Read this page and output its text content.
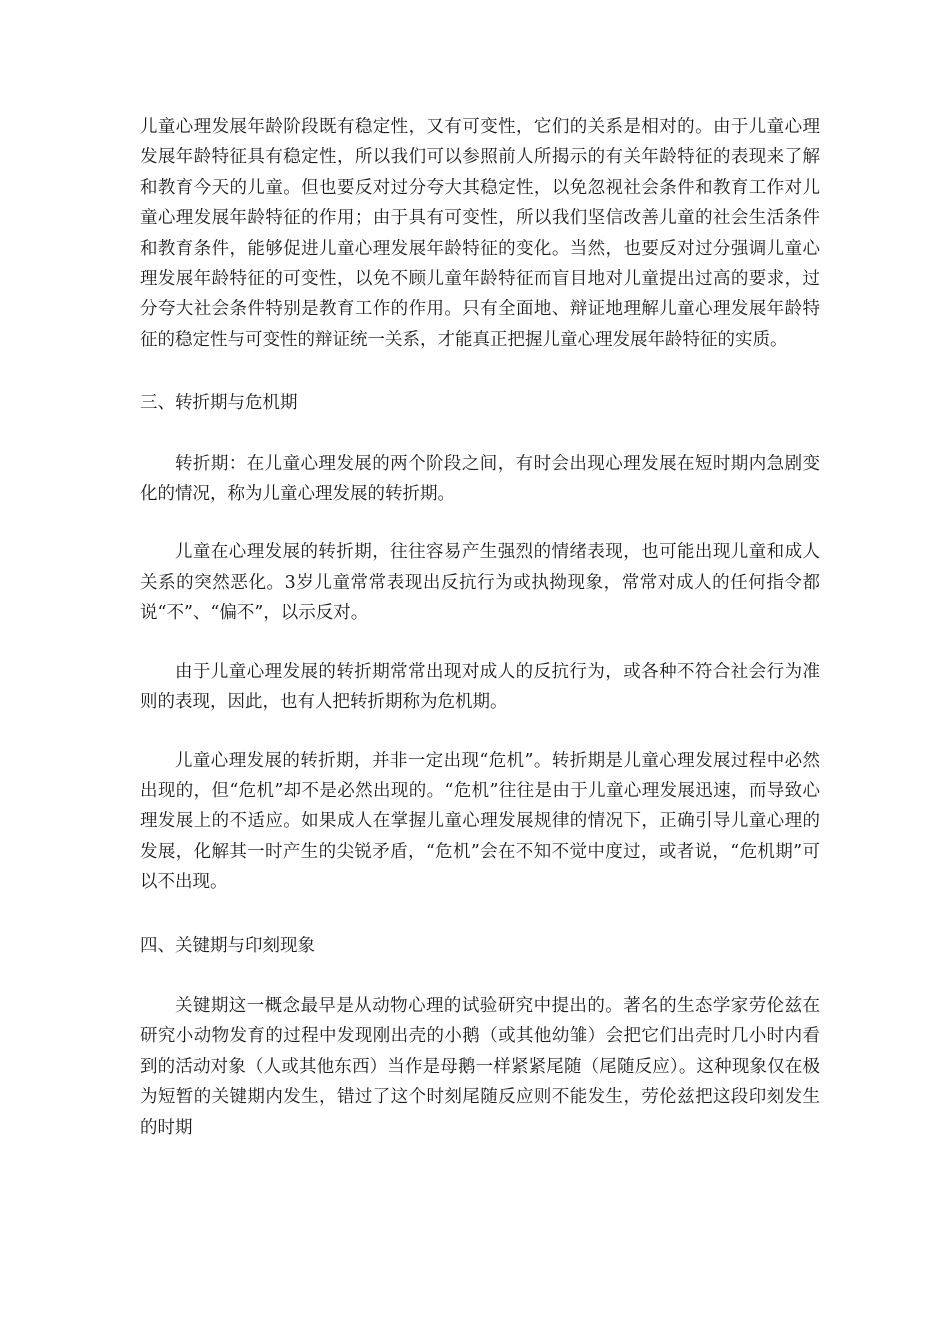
儿童心理发展年龄阶段既有稳定性，又有可变性，它们的关系是相对的。由于儿童心理发展年龄特征具有稳定性，所以我们可以参照前人所揭示的有关年龄特征的表现来了解和教育今天的儿童。但也要反对过分夸大其稳定性，以免忽视社会条件和教育工作对儿童心理发展年龄特征的作用；由于具有可变性，所以我们坚信改善儿童的社会生活条件和教育条件，能够促进儿童心理发展年龄特征的变化。当然，也要反对过分强调儿童心理发展年龄特征的可变性，以免不顾儿童年龄特征而盲目地对儿童提出过高的要求，过分夸大社会条件特别是教育工作的作用。只有全面地、辩证地理解儿童心理发展年龄特征的稳定性与可变性的辩证统一关系，才能真正把握儿童心理发展年龄特征的实质。

三、转折期与危机期

转折期：在儿童心理发展的两个阶段之间，有时会出现心理发展在短时期内急剧变化的情况，称为儿童心理发展的转折期。

儿童在心理发展的转折期，往往容易产生强烈的情绪表现，也可能出现儿童和成人关系的突然恶化。3岁儿童常常表现出反抗行为或执拗现象，常常对成人的任何指令都说“不”、“偏不”，以示反对。

由于儿童心理发展的转折期常常出现对成人的反抗行为，或各种不符合社会行为准则的表现，因此，也有人把转折期称为危机期。

儿童心理发展的转折期，并非一定出现“危机”。转折期是儿童心理发展过程中必然出现的，但“危机”却不是必然出现的。“危机”往往是由于儿童心理发展迅速，而导致心理发展上的不适应。如果成人在掌握儿童心理发展规律的情况下，正确引导儿童心理的发展，化解其一时产生的尖锐矛盾，“危机”会在不知不觉中度过，或者说，“危机期”可以不出现。

四、关键期与印刻现象

关键期这一概念最早是从动物心理的试验研究中提出的。著名的生态学家劳伦兹在研究小动物发育的过程中发现刚出壳的小鹅（或其他幼雏）会把它们出壳时几小时内看到的活动对象（人或其他东西）当作是母鹅一样紧紧尾随（尾随反应）。这种现象仅在极为短暂的关键期内发生，错过了这个时刻尾随反应则不能发生，劳伦兹把这段印刻发生的时期
